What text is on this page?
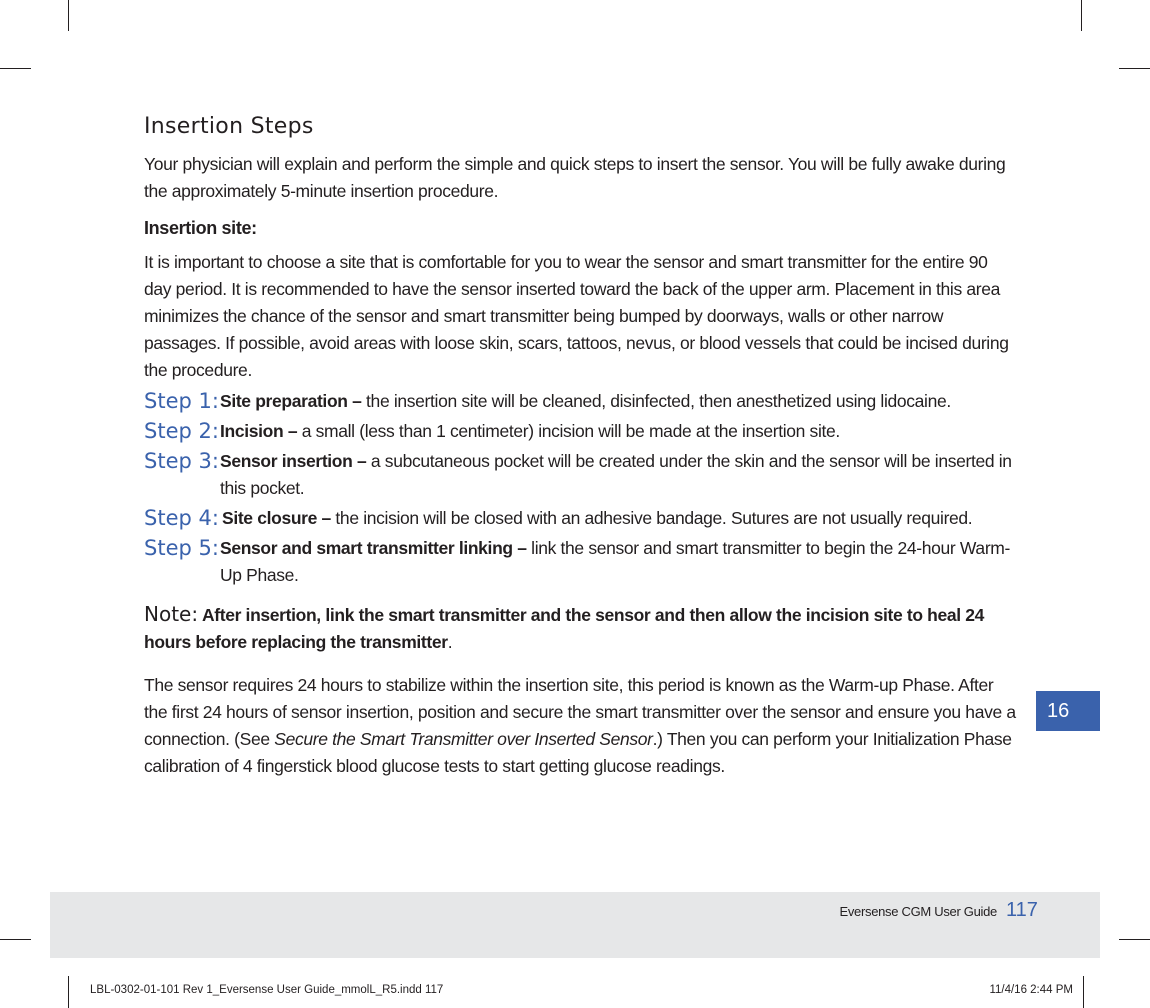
Insertion Steps

Your physician will explain and perform the simple and quick steps to insert the sensor. You will be fully awake during the approximately 5-minute insertion procedure.

Insertion site:

It is important to choose a site that is comfortable for you to wear the sensor and smart transmitter for the entire 90 day period. It is recommended to have the sensor inserted toward the back of the upper arm. Placement in this area minimizes the chance of the sensor and smart transmitter being bumped by doorways, walls or other narrow passages. If possible, avoid areas with loose skin, scars, tattoos, nevus, or blood vessels that could be incised during the procedure.

Step 1: Site preparation – the insertion site will be cleaned, disinfected, then anesthetized using lidocaine.
Step 2: Incision – a small (less than 1 centimeter) incision will be made at the insertion site.
Step 3: Sensor insertion – a subcutaneous pocket will be created under the skin and the sensor will be inserted in this pocket.
Step 4: Site closure – the incision will be closed with an adhesive bandage. Sutures are not usually required.
Step 5: Sensor and smart transmitter linking – link the sensor and smart transmitter to begin the 24-hour Warm-Up Phase.

Note: After insertion, link the smart transmitter and the sensor and then allow the incision site to heal 24 hours before replacing the transmitter.

The sensor requires 24 hours to stabilize within the insertion site, this period is known as the Warm-up Phase. After the first 24 hours of sensor insertion, position and secure the smart transmitter over the sensor and ensure you have a connection. (See Secure the Smart Transmitter over Inserted Sensor.) Then you can perform your Initialization Phase calibration of 4 fingerstick blood glucose tests to start getting glucose readings.

16
Eversense CGM User Guide 117
LBL-0302-01-101 Rev 1_Eversense User Guide_mmolL_R5.indd 117	11/4/16 2:44 PM
